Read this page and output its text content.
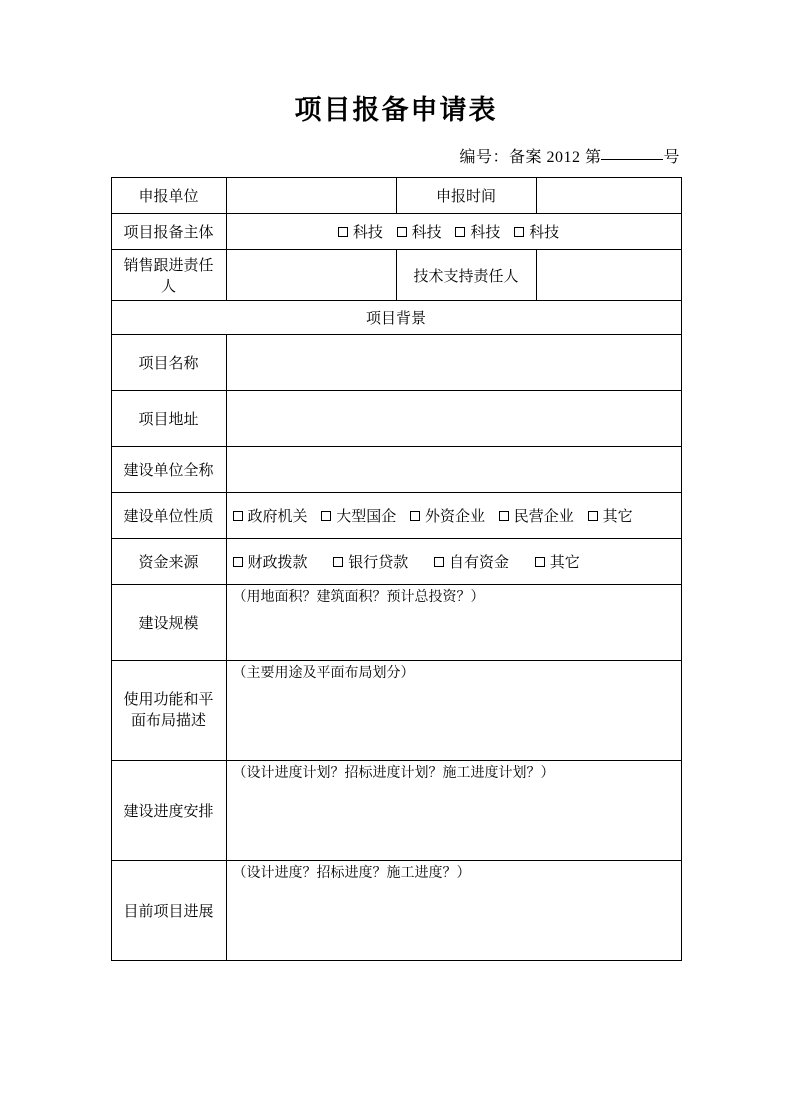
项目报备申请表
编号：备案 2012 第	号
申报单位		申报时间	
项目报备主体	科技 科技 科技 科技		
销售跟进责任人		技术支持责任人	
项目背景			
项目名称			
项目地址			
建设单位全称			
建设单位性质	政府机关 大型国企 外资企业 民营企业 其它		
资金来源	财政拨款 银行贷款 自有资金 其它		
建设规模	（用地面积？建筑面积？预计总投资？）		

使用功能和平面布局描述	（主要用途及平面布局划分）		

建设进度安排	（设计进度计划？招标进度计划？施工进度计划？）		

目前项目进展	（设计进度？招标进度？施工进度？）		
